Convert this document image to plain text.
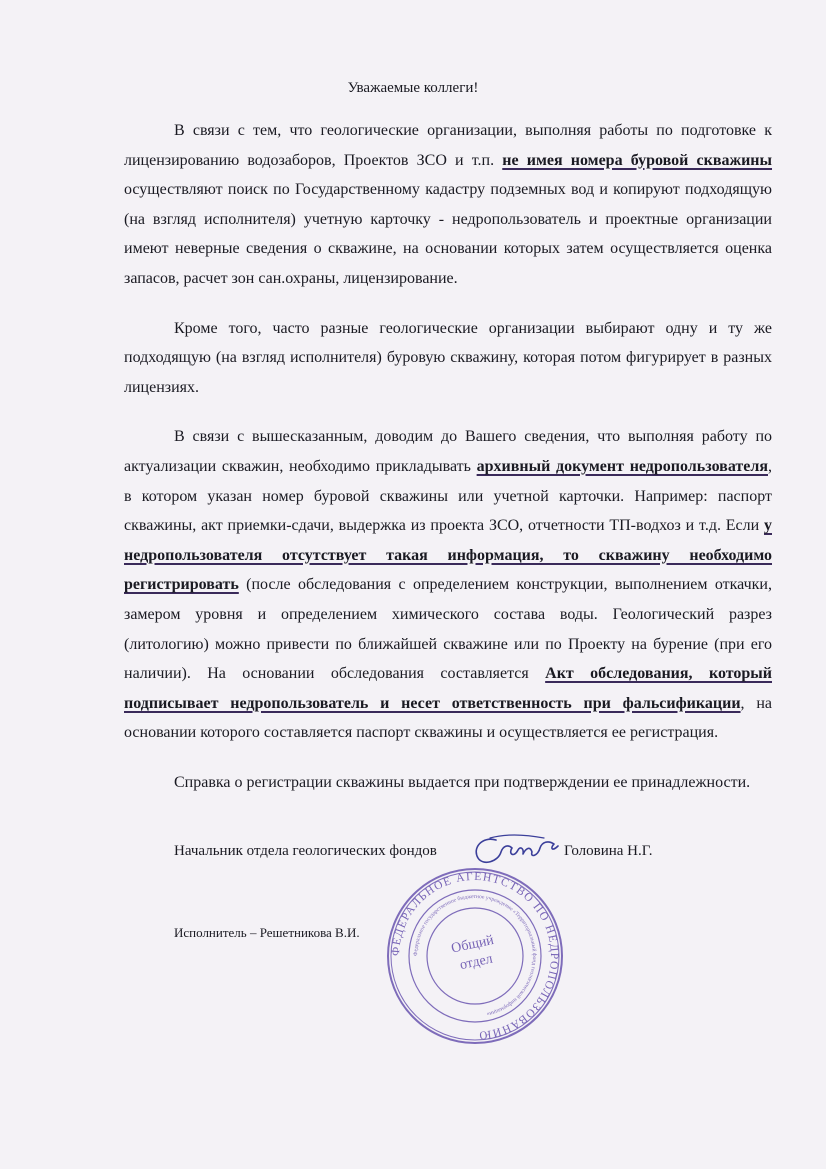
Уважаемые коллеги!

В связи с тем, что геологические организации, выполняя работы по подготовке к лицензированию водозаборов, Проектов ЗСО и т.п. не имея номера буровой скважины осуществляют поиск по Государственному кадастру подземных вод и копируют подходящую (на взгляд исполнителя) учетную карточку - недропользователь и проектные организации имеют неверные сведения о скважине, на основании которых затем осуществляется оценка запасов, расчет зон сан.охраны, лицензирование.

Кроме того, часто разные геологические организации выбирают одну и ту же подходящую (на взгляд исполнителя) буровую скважину, которая потом фигурирует в разных лицензиях.

В связи с вышесказанным, доводим до Вашего сведения, что выполняя работу по актуализации скважин, необходимо прикладывать архивный документ недропользователя, в котором указан номер буровой скважины или учетной карточки. Например: паспорт скважины, акт приемки-сдачи, выдержка из проекта ЗСО, отчетности ТП-водхоз и т.д. Если у недропользователя отсутствует такая информация, то скважину необходимо регистрировать (после обследования с определением конструкции, выполнением откачки, замером уровня и определением химического состава воды. Геологический разрез (литологию) можно привести по ближайшей скважине или по Проекту на бурение (при его наличии). На основании обследования составляется Акт обследования, который подписывает недропользователь и несет ответственность при фальсификации, на основании которого составляется паспорт скважины и осуществляется ее регистрация.

Справка о регистрации скважины выдается при подтверждении ее принадлежности.

Начальник отдела геологических фондов	Головина Н.Г.
Исполнитель – Решетникова В.И.
ФЕДЕРАЛЬНОЕ АГЕНТСТВО ПО НЕДРОПОЛЬЗОВАНИЮ
Федеральное государственное бюджетное учреждение «Территориальный фонд геологической информации»
Общийотдел
